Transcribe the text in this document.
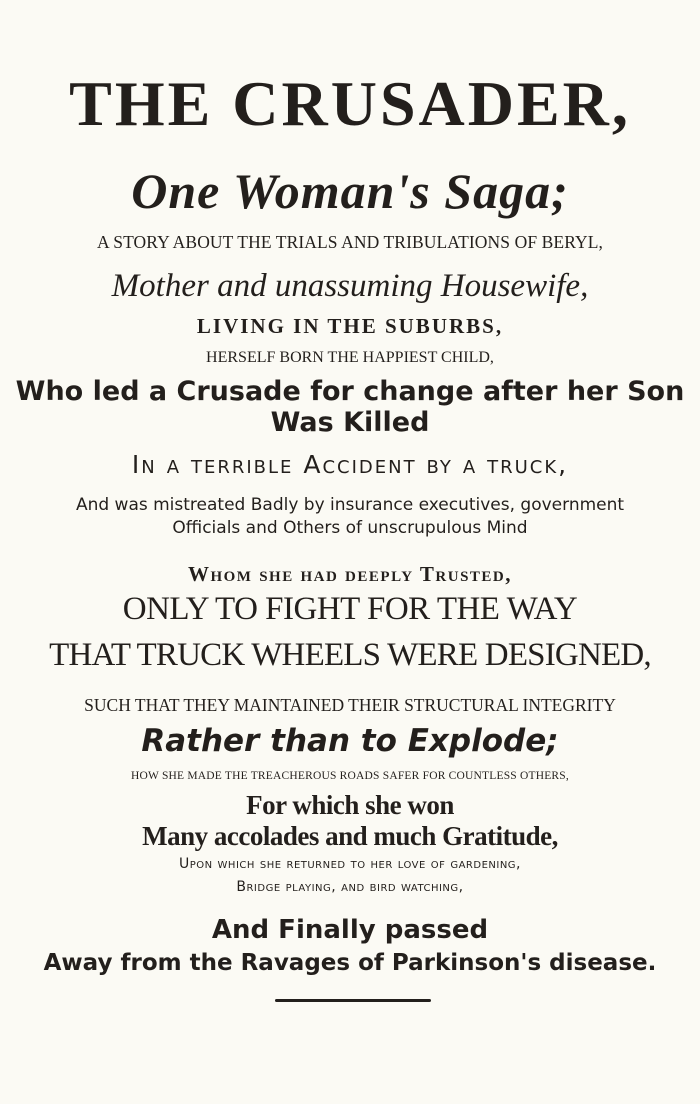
THE CRUSADER,
One Woman's Saga;

A STORY ABOUT THE TRIALS AND TRIBULATIONS OF BERYL,

Mother and unassuming Housewife,

LIVING IN THE SUBURBS,

HERSELF BORN THE HAPPIEST CHILD,

Who led a Crusade for change after her Son

Was Killed

In a terrible Accident by a truck,

And was mistreated Badly by insurance executives, government

Officials and Others of unscrupulous Mind

Whom she had deeply Trusted,

ONLY TO FIGHT FOR THE WAY

THAT TRUCK WHEELS WERE DESIGNED,

SUCH THAT THEY MAINTAINED THEIR STRUCTURAL INTEGRITY

Rather than to Explode;

HOW SHE MADE THE TREACHEROUS ROADS SAFER FOR COUNTLESS OTHERS,

For which she won

Many accolades and much Gratitude,

Upon which she returned to her love of gardening,

Bridge playing, and bird watching,

And Finally passed

Away from the Ravages of Parkinson's disease.
